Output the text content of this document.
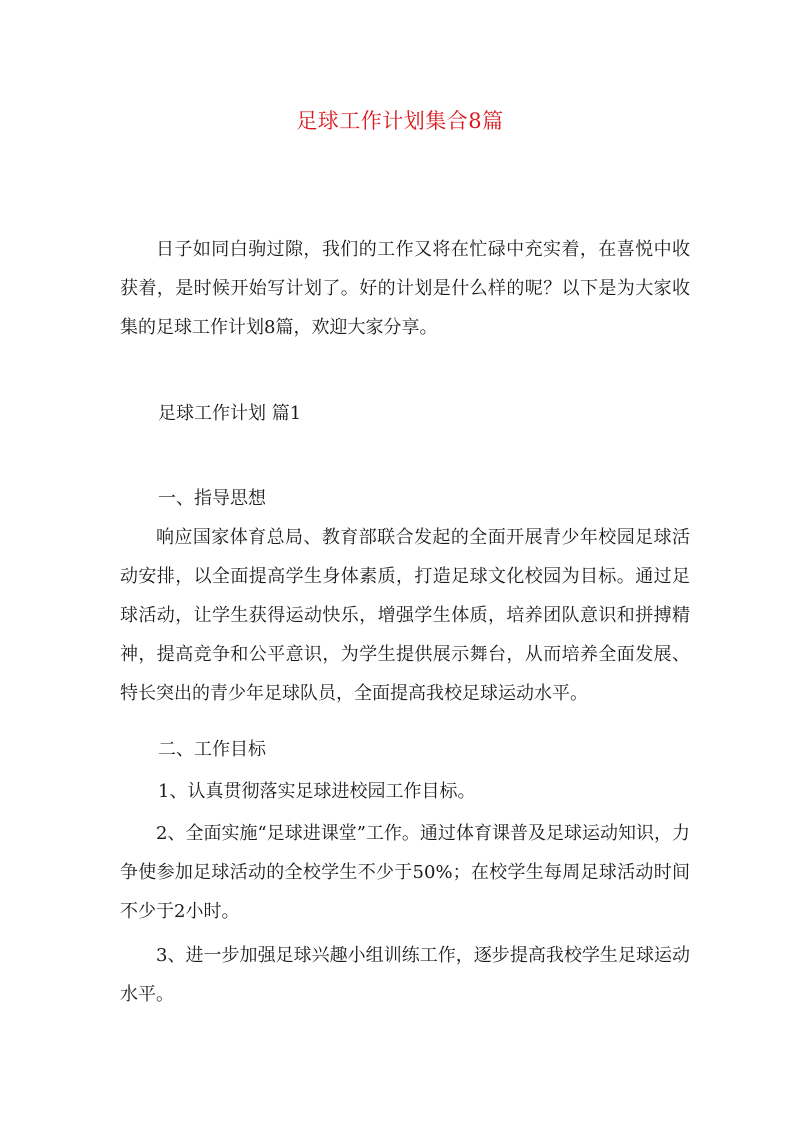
足球工作计划集合8篇

日子如同白驹过隙，我们的工作又将在忙碌中充实着，在喜悦中收获着，是时候开始写计划了。好的计划是什么样的呢？以下是为大家收集的足球工作计划8篇，欢迎大家分享。

足球工作计划 篇1

一、指导思想

响应国家体育总局、教育部联合发起的全面开展青少年校园足球活动安排，以全面提高学生身体素质，打造足球文化校园为目标。通过足球活动，让学生获得运动快乐，增强学生体质，培养团队意识和拼搏精神，提高竞争和公平意识，为学生提供展示舞台，从而培养全面发展、特长突出的青少年足球队员，全面提高我校足球运动水平。

二、工作目标

1、认真贯彻落实足球进校园工作目标。

2、全面实施“足球进课堂”工作。通过体育课普及足球运动知识，力争使参加足球活动的全校学生不少于50%；在校学生每周足球活动时间不少于2小时。

3、进一步加强足球兴趣小组训练工作，逐步提高我校学生足球运动水平。
